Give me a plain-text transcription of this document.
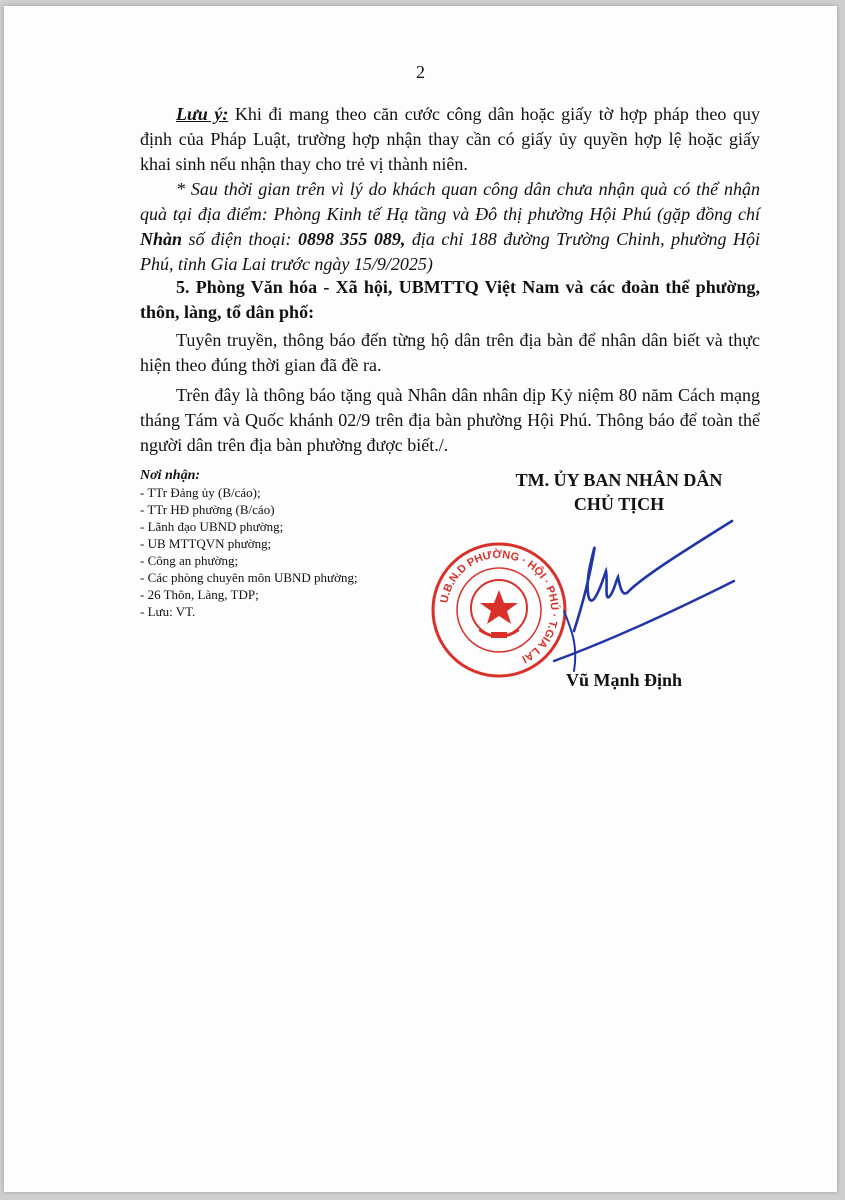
2

Lưu ý: Khi đi mang theo căn cước công dân hoặc giấy tờ hợp pháp theo quy định của Pháp Luật, trường hợp nhận thay cần có giấy ủy quyền hợp lệ hoặc giấy khai sinh nếu nhận thay cho trẻ vị thành niên.

* Sau thời gian trên vì lý do khách quan công dân chưa nhận quà có thể nhận quà tại địa điểm: Phòng Kinh tế Hạ tầng và Đô thị phường Hội Phú (gặp đồng chí Nhàn số điện thoại: 0898 355 089, địa chỉ 188 đường Trường Chinh, phường Hội Phú, tỉnh Gia Lai trước ngày 15/9/2025)

5. Phòng Văn hóa - Xã hội, UBMTTQ Việt Nam và các đoàn thể phường, thôn, làng, tổ dân phố:

Tuyên truyền, thông báo đến từng hộ dân trên địa bàn để nhân dân biết và thực hiện theo đúng thời gian đã đề ra.

Trên đây là thông báo tặng quà Nhân dân nhân dịp Kỷ niệm 80 năm Cách mạng tháng Tám và Quốc khánh 02/9 trên địa bàn phường Hội Phú. Thông báo để toàn thể người dân trên địa bàn phường được biết./.

Nơi nhận:
- TTr Đảng ủy (B/cáo);
- TTr HĐ phường (B/cáo)
- Lãnh đạo UBND phường;
- UB MTTQVN phường;
- Công an phường;
- Các phòng chuyên môn UBND phường;
- 26 Thôn, Làng, TDP;
- Lưu: VT.
TM. ỦY BAN NHÂN DÂN
CHỦ TỊCH
U.B.N.D PHƯỜNG · HỘI · PHÚ · T.GIA LAI
Vũ Mạnh Định
